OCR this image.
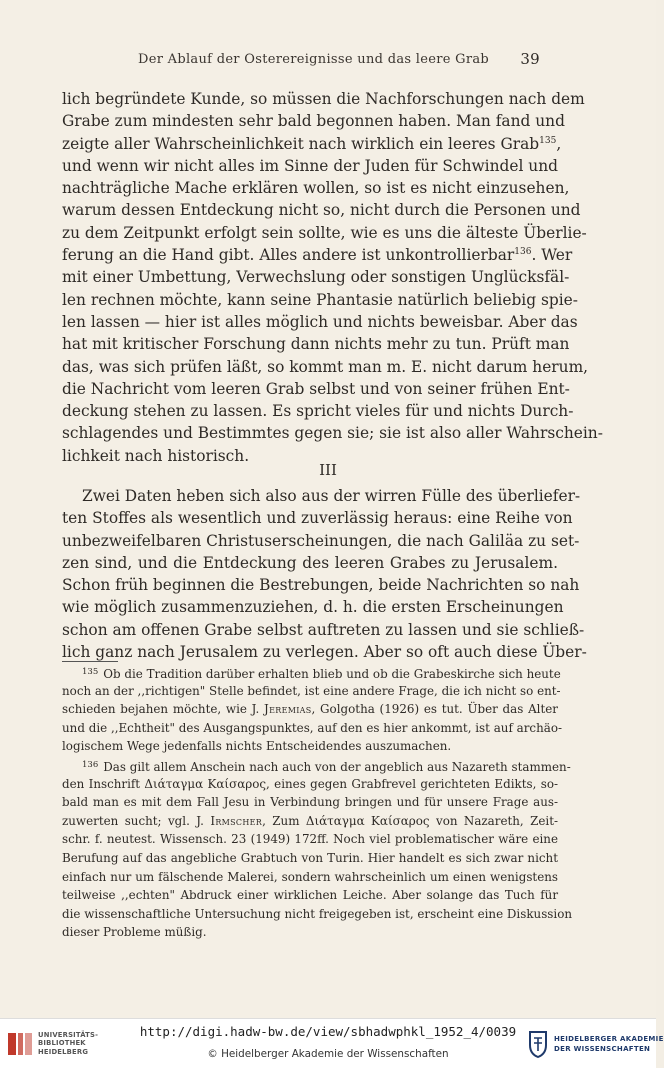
Der Ablauf der Osterereignisse und das leere Grab 39
lich begründete Kunde, so müssen die Nachforschungen nach dem
Grabe zum mindesten sehr bald begonnen haben. Man fand und
zeigte aller Wahrscheinlichkeit nach wirklich ein leeres Grab$^{135}$,
und wenn wir nicht alles im Sinne der Juden für Schwindel und
nachträgliche Mache erklären wollen, so ist es nicht einzusehen,
warum dessen Entdeckung nicht so, nicht durch die Personen und
zu dem Zeitpunkt erfolgt sein sollte, wie es uns die älteste Überlie-
ferung an die Hand gibt. Alles andere ist unkontrollierbar$^{136}$. Wer
mit einer Umbettung, Verwechslung oder sonstigen Unglücksfäl-
len rechnen möchte, kann seine Phantasie natürlich beliebig spie-
len lassen — hier ist alles möglich und nichts beweisbar. Aber das
hat mit kritischer Forschung dann nichts mehr zu tun. Prüft man
das, was sich prüfen läßt, so kommt man m. E. nicht darum herum,
die Nachricht vom leeren Grab selbst und von seiner frühen Ent-
deckung stehen zu lassen. Es spricht vieles für und nichts Durch-
schlagendes und Bestimmtes gegen sie; sie ist also aller Wahrschein-
lichkeit nach historisch.
III
Zwei Daten heben sich also aus der wirren Fülle des überliefer-
ten Stoffes als wesentlich und zuverlässig heraus: eine Reihe von
unbezweifelbaren Christuserscheinungen, die nach Galiläa zu set-
zen sind, und die Entdeckung des leeren Grabes zu Jerusalem.
Schon früh beginnen die Bestrebungen, beide Nachrichten so nah
wie möglich zusammenzuziehen, d. h. die ersten Erscheinungen
schon am offenen Grabe selbst auftreten zu lassen und sie schließ-
lich ganz nach Jerusalem zu verlegen. Aber so oft auch diese Über-
$^{135}$ Ob die Tradition darüber erhalten blieb und ob die Grabeskirche sich heute
noch an der ,,richtigen" Stelle befindet, ist eine andere Frage, die ich nicht so ent-
schieden bejahen möchte, wie J. Jeremias, Golgotha (1926) es tut. Über das Alter
und die ,,Echtheit" des Ausgangspunktes, auf den es hier ankommt, ist auf archäo-
logischem Wege jedenfalls nichts Entscheidendes auszumachen.
$^{136}$ Das gilt allem Anschein nach auch von der angeblich aus Nazareth stammen-
den Inschrift Διάταγμα Καίσαρος, eines gegen Grabfrevel gerichteten Edikts, so-
bald man es mit dem Fall Jesu in Verbindung bringen und für unsere Frage aus-
zuwerten sucht; vgl. J. Irmscher, Zum Διάταγμα Καίσαρος von Nazareth, Zeit-
schr. f. neutest. Wissensch. 23 (1949) 172ff. Noch viel problematischer wäre eine
Berufung auf das angebliche Grabtuch von Turin. Hier handelt es sich zwar nicht
einfach nur um fälschende Malerei, sondern wahrscheinlich um einen wenigstens
teilweise ,,echten" Abdruck einer wirklichen Leiche. Aber solange das Tuch für
die wissenschaftliche Untersuchung nicht freigegeben ist, erscheint eine Diskussion
dieser Probleme müßig.
UNIVERSITÄTS-
BIBLIOTHEK
HEIDELBERG
http://digi.hadw-bw.de/view/sbhadwphkl_1952_4/0039
© Heidelberger Akademie der Wissenschaften
HEIDELBERGER AKADEMIE
DER WISSENSCHAFTEN
